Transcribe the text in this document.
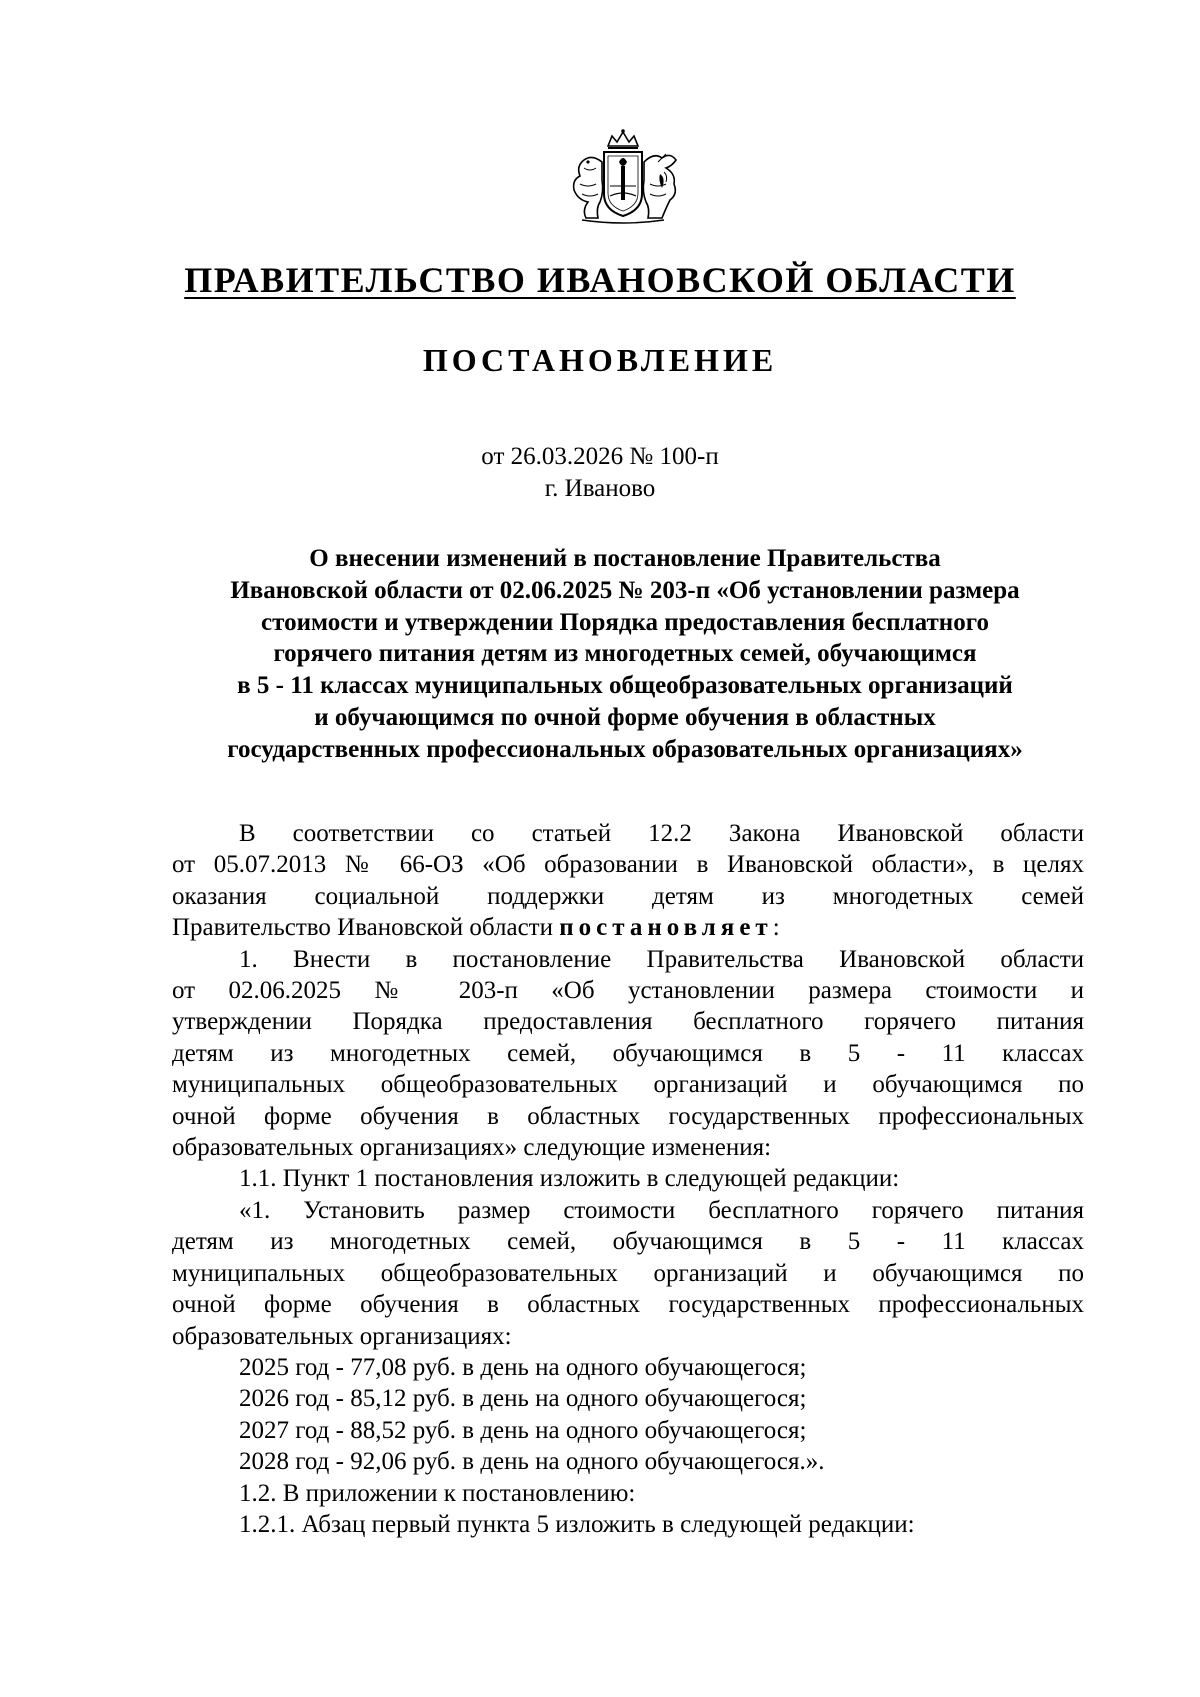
ПРАВИТЕЛЬСТВО ИВАНОВСКОЙ ОБЛАСТИ
ПОСТАНОВЛЕНИЕ
от 26.03.2026 № 100-п
г. Иваново
О внесении изменений в постановление Правительства
Ивановской области от 02.06.2025 № 203-п «Об установлении размера
стоимости и утверждении Порядка предоставления бесплатного
горячего питания детям из многодетных семей, обучающимся
в 5 - 11 классах муниципальных общеобразовательных организаций
и обучающимся по очной форме обучения в областных
государственных профессиональных образовательных организациях»

В соответствии со статьей 12.2 Закона Ивановской области

от 05.07.2013 № 66-ОЗ «Об образовании в Ивановской области», в целях

оказания социальной поддержки детям из многодетных семей

Правительство Ивановской области постановляет:

1. Внести в постановление Правительства Ивановской области

от 02.06.2025 № 203-п «Об установлении размера стоимости и

утверждении Порядка предоставления бесплатного горячего питания

детям из многодетных семей, обучающимся в 5 - 11 классах

муниципальных общеобразовательных организаций и обучающимся по

очной форме обучения в областных государственных профессиональных

образовательных организациях» следующие изменения:

1.1. Пункт 1 постановления изложить в следующей редакции:

«1. Установить размер стоимости бесплатного горячего питания

детям из многодетных семей, обучающимся в 5 - 11 классах

муниципальных общеобразовательных организаций и обучающимся по

очной форме обучения в областных государственных профессиональных

образовательных организациях:

2025 год - 77,08 руб. в день на одного обучающегося;

2026 год - 85,12 руб. в день на одного обучающегося;

2027 год - 88,52 руб. в день на одного обучающегося;

2028 год - 92,06 руб. в день на одного обучающегося.».

1.2. В приложении к постановлению:

1.2.1. Абзац первый пункта 5 изложить в следующей редакции:
